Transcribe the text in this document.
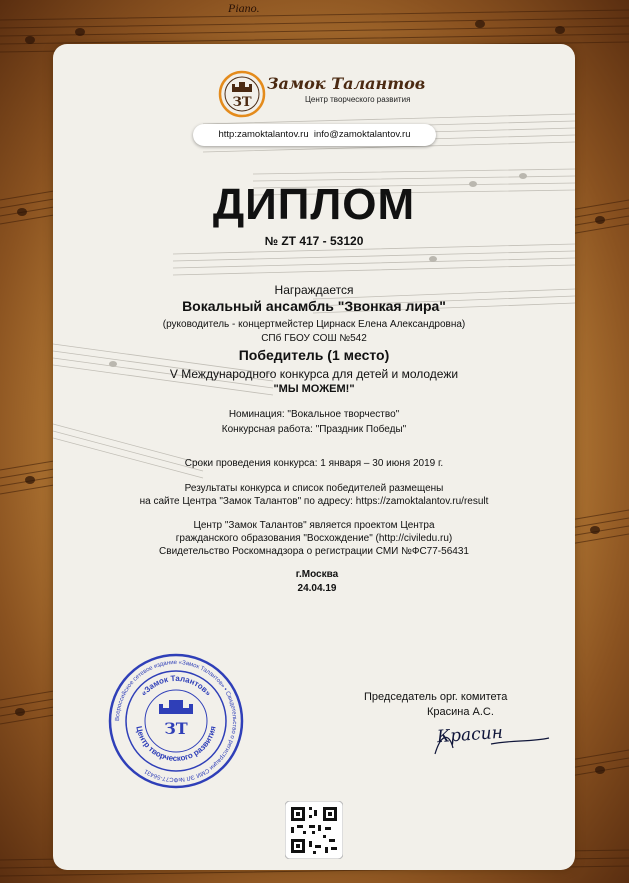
Piano.
ЗТ
Замок Талантов
Центр творческого развития
http:zamoktalantov.ru info@zamoktalantov.ru
ДИПЛОМ
№ ZT 417 - 53120
Награждается
Вокальный ансамбль "Звонкая лира"
(руководитель - концертмейстер Цирнаск Елена Александровна)
СПб ГБОУ СОШ №542
Победитель (1 место)
V Международного конкурса для детей и молодежи
"МЫ МОЖЕМ!"
Номинация: "Вокальное творчество"
Конкурсная работа: "Праздник Победы"
Сроки проведения конкурса: 1 января – 30 июня 2019 г.
Результаты конкурса и список победителей размещены
на сайте Центра "Замок Талантов" по адресу: https://zamoktalantov.ru/result
Центр "Замок Талантов" является проектом Центра
гражданского образования "Восхождение" (http://civiledu.ru)
Свидетельство Роскомнадзора о регистрации СМИ №ФС77-56431
г.Москва
24.04.19
Всероссийское сетевое издание «Замок Талантов» • Свидетельство о регистрации СМИ ЭЛ №ФС77-56431
«Замок Талантов»
Центр творческого развития
ЗТ
Председатель орг. комитета
Красина А.С.
Красин
